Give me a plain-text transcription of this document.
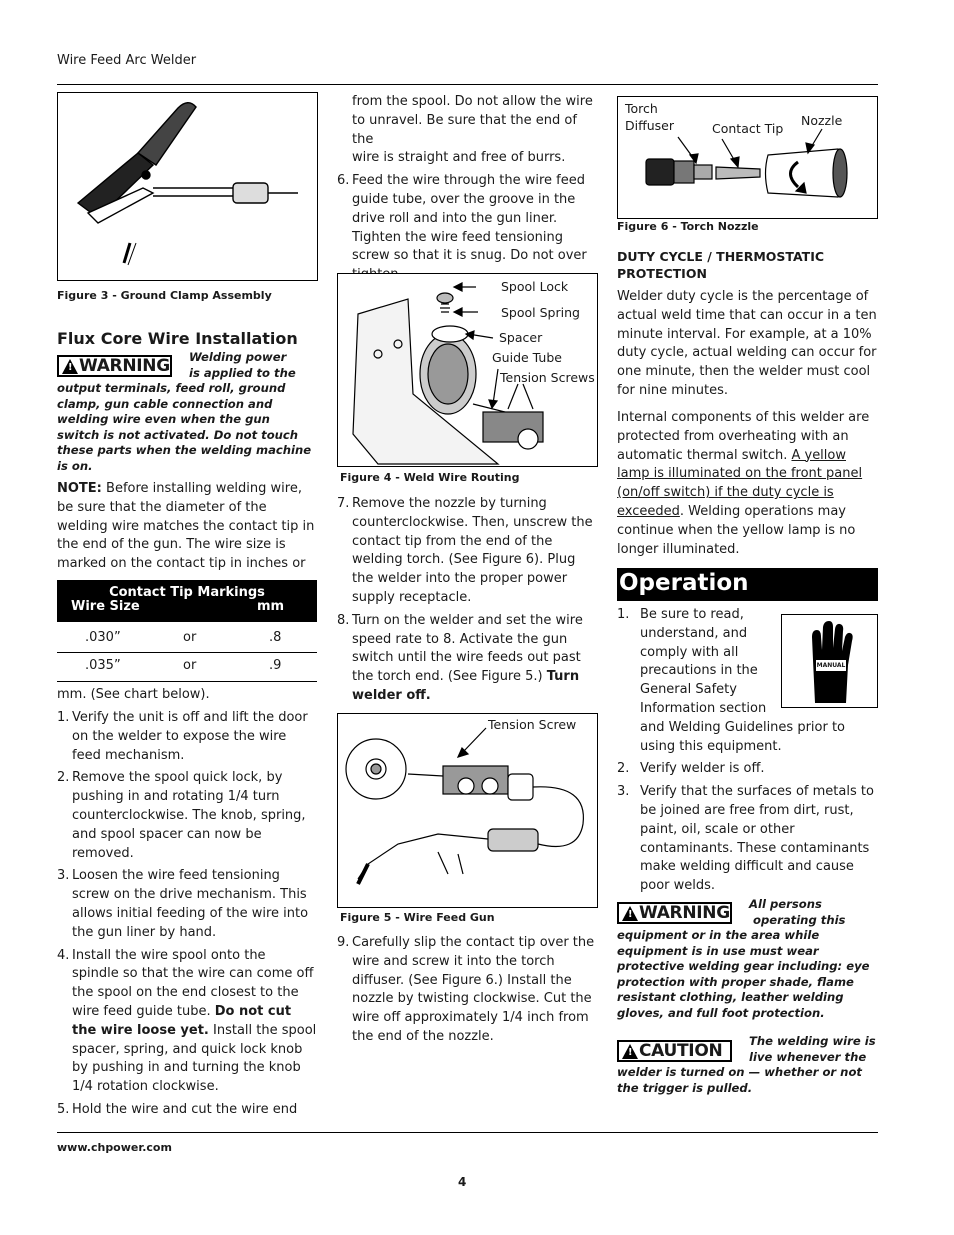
Wire Feed Arc Welder
Figure 3 - Ground Clamp Assembly
Flux Core Wire Installation
! WARNING Welding power
is applied to the
output terminals, feed roll, ground
clamp, gun cable connection and
welding wire even when the gun
switch is not activated. Do not touch
these parts when the welding machine
is on.
NOTE: Before installing welding wire,
be sure that the diameter of the
welding wire matches the contact tip in
the end of the gun. The wire size is
marked on the contact tip in inches or
Contact Tip Markings
Wire Size	mm
.030”	or	.8
.035”	or	.9
mm. (See chart below).
1. Verify the unit is off and lift the door
on the welder to expose the wire
feed mechanism.
2. Remove the spool quick lock, by
pushing in and rotating 1/4 turn
counterclockwise. The knob, spring,
and spool spacer can now be removed.
3. Loosen the wire feed tensioning
screw on the drive mechanism. This
allows initial feeding of the wire into
the gun liner by hand.
4. Install the wire spool onto the
spindle so that the wire can come off
the spool on the end closest to the
wire feed guide tube. Do not cut
the wire loose yet. Install the spool
spacer, spring, and quick lock knob
by pushing in and turning the knob
1/4 rotation clockwise.
5. Hold the wire and cut the wire end
from the spool. Do not allow the wire
to unravel. Be sure that the end of the
wire is straight and free of burrs.
6. Feed the wire through the wire feed
guide tube, over the groove in the
drive roll and into the gun liner.
Tighten the wire feed tensioning
screw so that it is snug. Do not over
Spool Lock
Spool Spring
Spacer
Guide Tube
Tension Screws
Figure 4 - Weld Wire Routing
7. Remove the nozzle by turning
counterclockwise. Then, unscrew the
contact tip from the end of the
welding torch. (See Figure 6). Plug
the welder into the proper power
supply receptacle.
8. Turn on the welder and set the wire
speed rate to 8. Activate the gun
switch until the wire feeds out past
the torch end. (See Figure 5.) Turn
welder off.
Tension Screw
Figure 5 - Wire Feed Gun
9. Carefully slip the contact tip over the
wire and screw it into the torch
diffuser. (See Figure 6.) Install the
nozzle by twisting clockwise. Cut the
wire off approximately 1/4 inch from
the end of the nozzle.
Torch
Diffuser	Contact Tip
Nozzle
Figure 6 - Torch Nozzle
DUTY CYCLE / THERMOSTATIC
PROTECTION
Welder duty cycle is the percentage of
actual weld time that can occur in a ten
minute interval. For example, at a 10%
duty cycle, actual welding can occur for
one minute, then the welder must cool
for nine minutes.
Internal components of this welder are
protected from overheating with an
automatic thermal switch. A yellow
lamp is illuminated on the front panel
(on/off switch) if the duty cycle is
exceeded. Welding operations may
continue when the yellow lamp is no
longer illuminated.
Operation
MANUAL
1. Be sure to read,
understand, and
comply with all
precautions in the
General Safety
Information section
and Welding Guidelines prior to
using this equipment.
2. Verify welder is off.
3. Verify that the surfaces of metals to
be joined are free from dirt, rust,
paint, oil, scale or other
contaminants. These contaminants
make welding difficult and cause
poor welds.
! WARNING All persons
operating this
equipment or in the area while
equipment is in use must wear
protective welding gear including: eye
protection with proper shade, flame
resistant clothing, leather welding
gloves, and full foot protection.
! CAUTION The welding wire is
live whenever the
welder is turned on — whether or not
the trigger is pulled.
www.chpower.com
4
